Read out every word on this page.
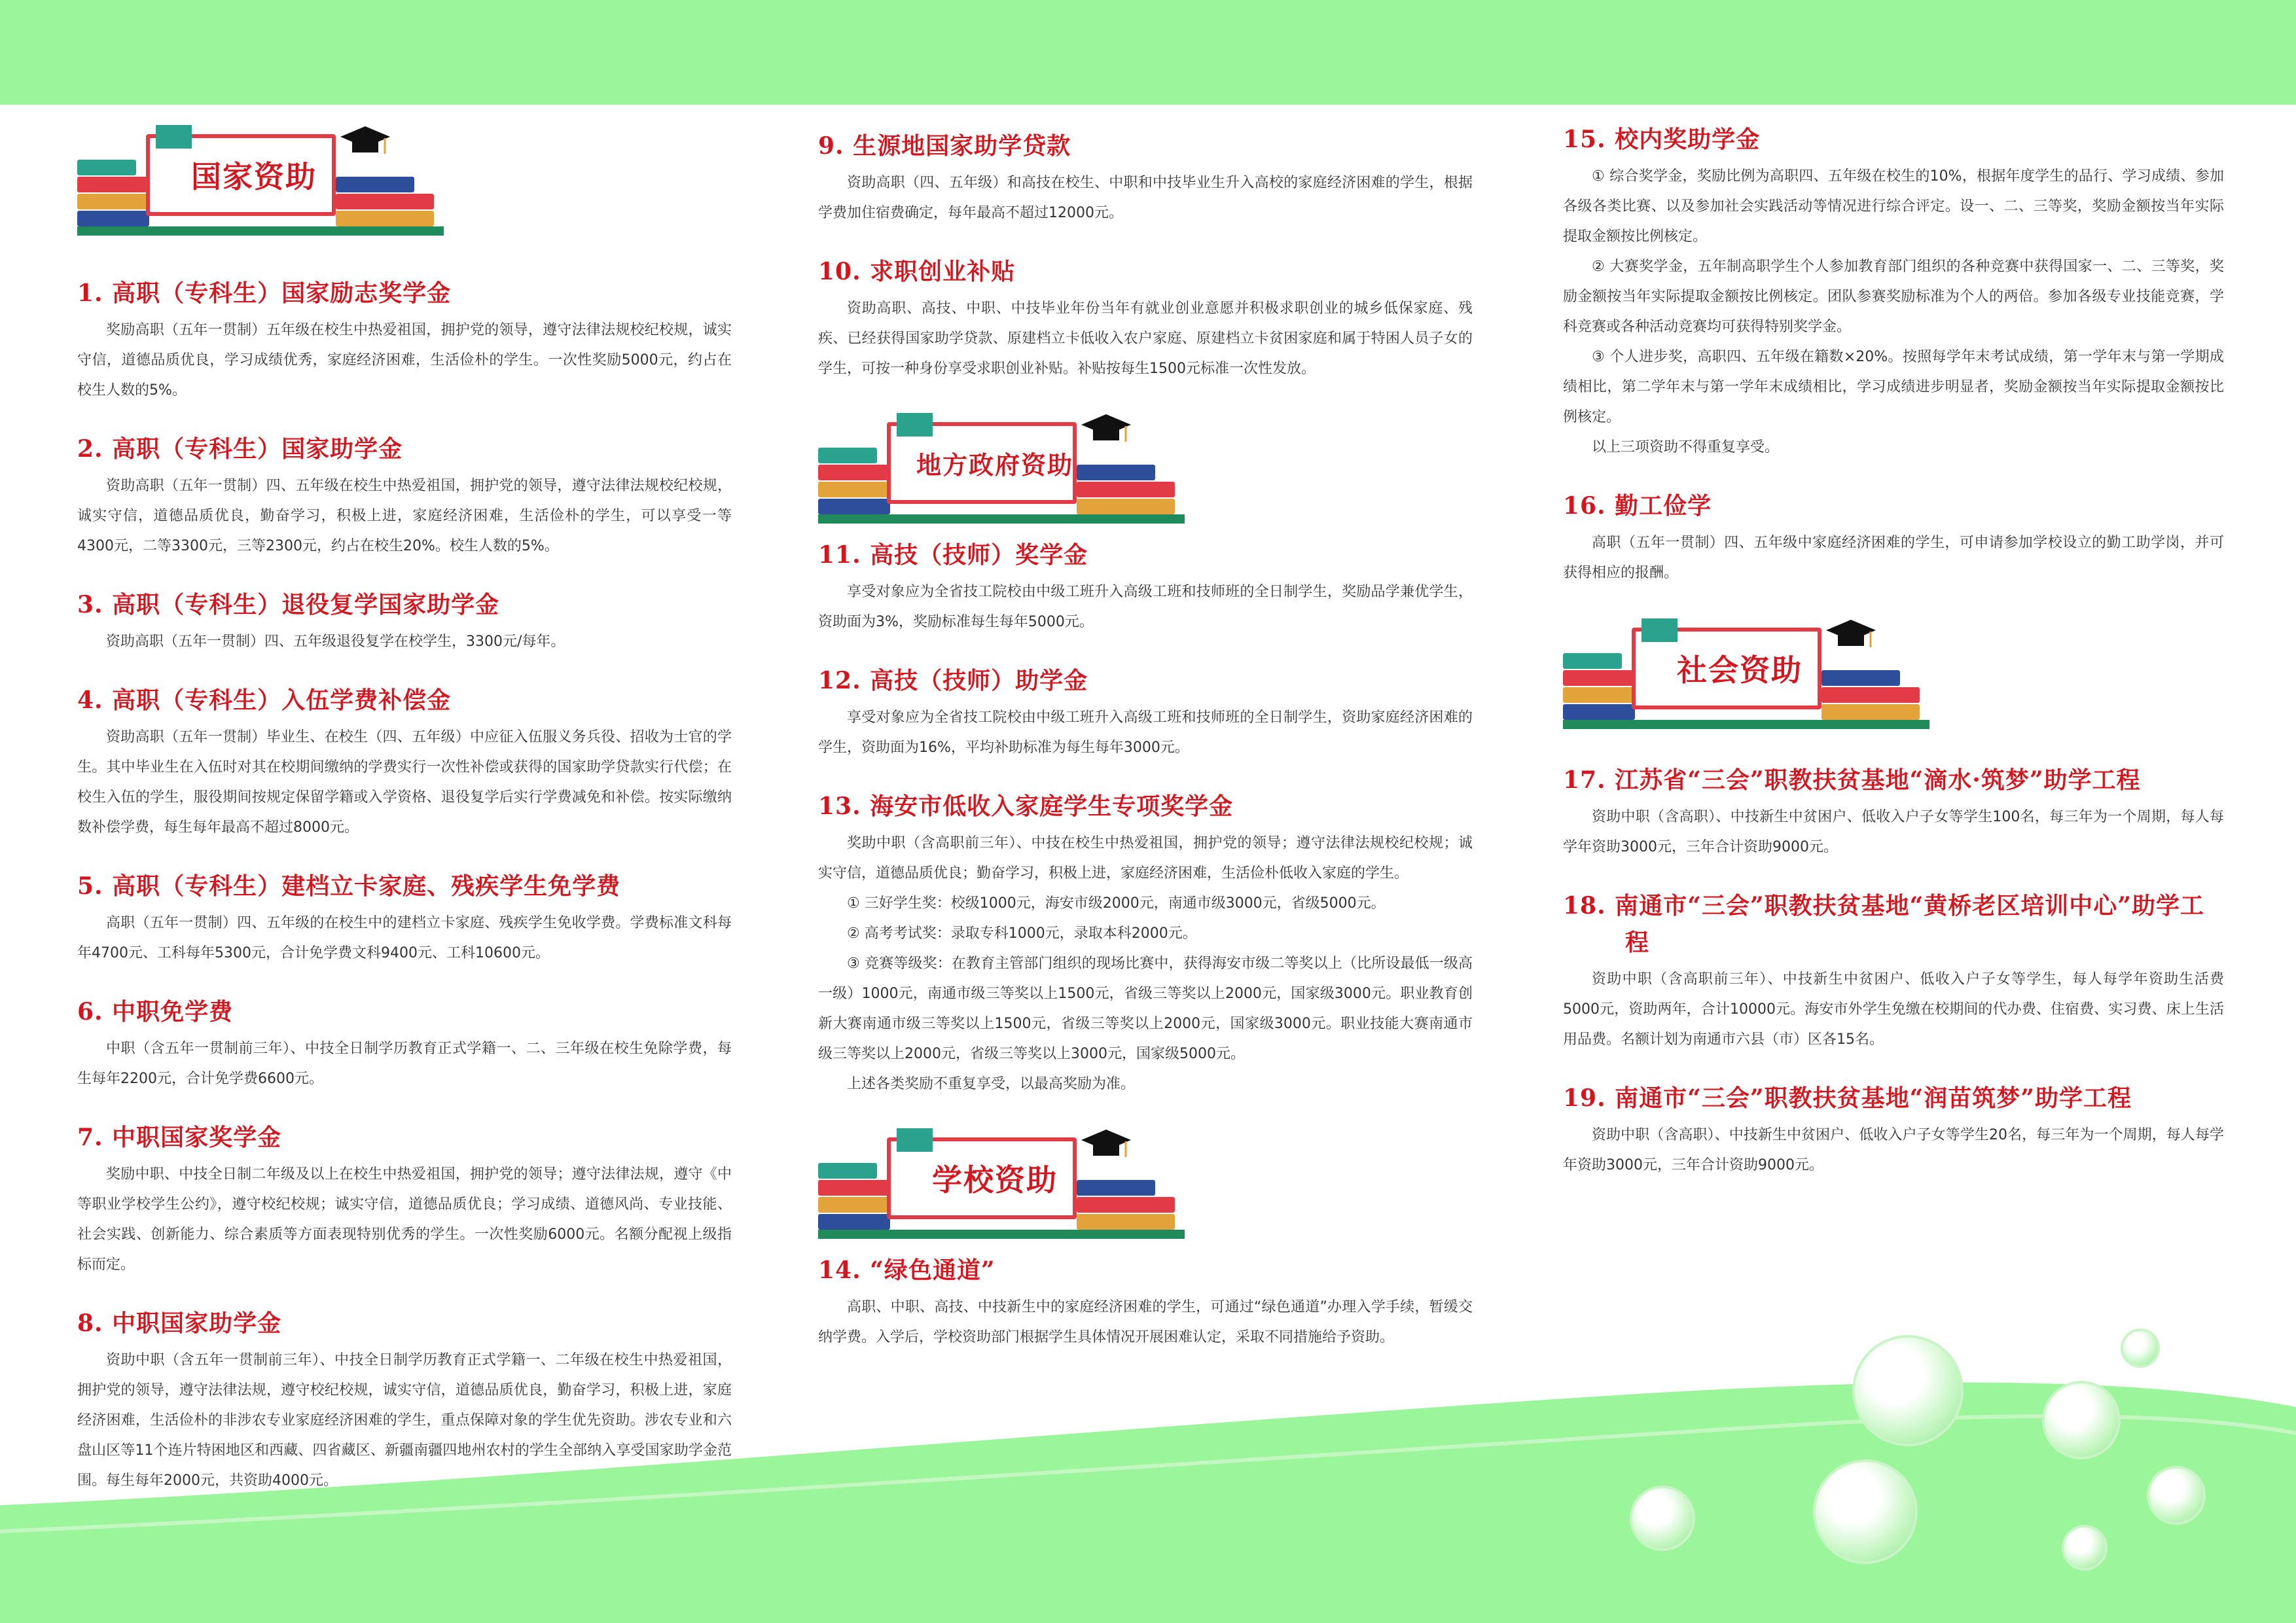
国家资助
1. 高职（专科生）国家励志奖学金

奖励高职（五年一贯制）五年级在校生中热爱祖国，拥护党的领导，遵守法律法规校纪校规，诚实守信，道德品质优良，学习成绩优秀，家庭经济困难，生活俭朴的学生。一次性奖励5000元，约占在校生人数的5%。

2. 高职（专科生）国家助学金

资助高职（五年一贯制）四、五年级在校生中热爱祖国，拥护党的领导，遵守法律法规校纪校规，诚实守信，道德品质优良，勤奋学习，积极上进，家庭经济困难，生活俭朴的学生，可以享受一等4300元，二等3300元，三等2300元，约占在校生20%。校生人数的5%。

3. 高职（专科生）退役复学国家助学金

资助高职（五年一贯制）四、五年级退役复学在校学生，3300元/每年。

4. 高职（专科生）入伍学费补偿金

资助高职（五年一贯制）毕业生、在校生（四、五年级）中应征入伍服义务兵役、招收为士官的学生。其中毕业生在入伍时对其在校期间缴纳的学费实行一次性补偿或获得的国家助学贷款实行代偿；在校生入伍的学生，服役期间按规定保留学籍或入学资格、退役复学后实行学费减免和补偿。按实际缴纳数补偿学费，每生每年最高不超过8000元。

5. 高职（专科生）建档立卡家庭、残疾学生免学费

高职（五年一贯制）四、五年级的在校生中的建档立卡家庭、残疾学生免收学费。学费标准文科每年4700元、工科每年5300元，合计免学费文科9400元、工科10600元。

6. 中职免学费

中职（含五年一贯制前三年）、中技全日制学历教育正式学籍一、二、三年级在校生免除学费，每生每年2200元，合计免学费6600元。

7. 中职国家奖学金

奖励中职、中技全日制二年级及以上在校生中热爱祖国，拥护党的领导；遵守法律法规，遵守《中等职业学校学生公约》，遵守校纪校规；诚实守信，道德品质优良；学习成绩、道德风尚、专业技能、社会实践、创新能力、综合素质等方面表现特别优秀的学生。一次性奖励6000元。名额分配视上级指标而定。

8. 中职国家助学金

资助中职（含五年一贯制前三年）、中技全日制学历教育正式学籍一、二年级在校生中热爱祖国，拥护党的领导，遵守法律法规，遵守校纪校规，诚实守信，道德品质优良，勤奋学习，积极上进，家庭经济困难，生活俭朴的非涉农专业家庭经济困难的学生，重点保障对象的学生优先资助。涉农专业和六盘山区等11个连片特困地区和西藏、四省藏区、新疆南疆四地州农村的学生全部纳入享受国家助学金范围。每生每年2000元，共资助4000元。

9. 生源地国家助学贷款

资助高职（四、五年级）和高技在校生、中职和中技毕业生升入高校的家庭经济困难的学生，根据学费加住宿费确定，每年最高不超过12000元。

10. 求职创业补贴

资助高职、高技、中职、中技毕业年份当年有就业创业意愿并积极求职创业的城乡低保家庭、残疾、已经获得国家助学贷款、原建档立卡低收入农户家庭、原建档立卡贫困家庭和属于特困人员子女的学生，可按一种身份享受求职创业补贴。补贴按每生1500元标准一次性发放。

地方政府资助
11. 高技（技师）奖学金

享受对象应为全省技工院校由中级工班升入高级工班和技师班的全日制学生，奖励品学兼优学生，资助面为3%，奖励标准每生每年5000元。

12. 高技（技师）助学金

享受对象应为全省技工院校由中级工班升入高级工班和技师班的全日制学生，资助家庭经济困难的学生，资助面为16%，平均补助标准为每生每年3000元。

13. 海安市低收入家庭学生专项奖学金

奖助中职（含高职前三年）、中技在校生中热爱祖国，拥护党的领导；遵守法律法规校纪校规；诚实守信，道德品质优良；勤奋学习，积极上进，家庭经济困难，生活俭朴低收入家庭的学生。

① 三好学生奖：校级1000元，海安市级2000元，南通市级3000元，省级5000元。

② 高考考试奖：录取专科1000元，录取本科2000元。

③ 竞赛等级奖：在教育主管部门组织的现场比赛中，获得海安市级二等奖以上（比所设最低一级高一级）1000元，南通市级三等奖以上1500元，省级三等奖以上2000元，国家级3000元。职业教育创新大赛南通市级三等奖以上1500元，省级三等奖以上2000元，国家级3000元。职业技能大赛南通市级三等奖以上2000元，省级三等奖以上3000元，国家级5000元。

上述各类奖励不重复享受，以最高奖励为准。

学校资助
14. “绿色通道”

高职、中职、高技、中技新生中的家庭经济困难的学生，可通过“绿色通道”办理入学手续，暂缓交纳学费。入学后，学校资助部门根据学生具体情况开展困难认定，采取不同措施给予资助。

15. 校内奖助学金

① 综合奖学金，奖励比例为高职四、五年级在校生的10%，根据年度学生的品行、学习成绩、参加各级各类比赛、以及参加社会实践活动等情况进行综合评定。设一、二、三等奖，奖励金额按当年实际提取金额按比例核定。

② 大赛奖学金，五年制高职学生个人参加教育部门组织的各种竞赛中获得国家一、二、三等奖，奖励金额按当年实际提取金额按比例核定。团队参赛奖励标准为个人的两倍。参加各级专业技能竞赛，学科竞赛或各种活动竞赛均可获得特别奖学金。

③ 个人进步奖，高职四、五年级在籍数×20%。按照每学年末考试成绩，第一学年末与第一学期成绩相比，第二学年末与第一学年末成绩相比，学习成绩进步明显者，奖励金额按当年实际提取金额按比例核定。

以上三项资助不得重复享受。

16. 勤工俭学

高职（五年一贯制）四、五年级中家庭经济困难的学生，可申请参加学校设立的勤工助学岗，并可获得相应的报酬。

社会资助
17. 江苏省“三会”职教扶贫基地“滴水·筑梦”助学工程

资助中职（含高职）、中技新生中贫困户、低收入户子女等学生100名，每三年为一个周期，每人每学年资助3000元，三年合计资助9000元。

18. 南通市“三会”职教扶贫基地“黄桥老区培训中心”助学工程

资助中职（含高职前三年）、中技新生中贫困户、低收入户子女等学生，每人每学年资助生活费5000元，资助两年，合计10000元。海安市外学生免缴在校期间的代办费、住宿费、实习费、床上生活用品费。名额计划为南通市六县（市）区各15名。

19. 南通市“三会”职教扶贫基地“润苗筑梦”助学工程

资助中职（含高职）、中技新生中贫困户、低收入户子女等学生20名，每三年为一个周期，每人每学年资助3000元，三年合计资助9000元。
